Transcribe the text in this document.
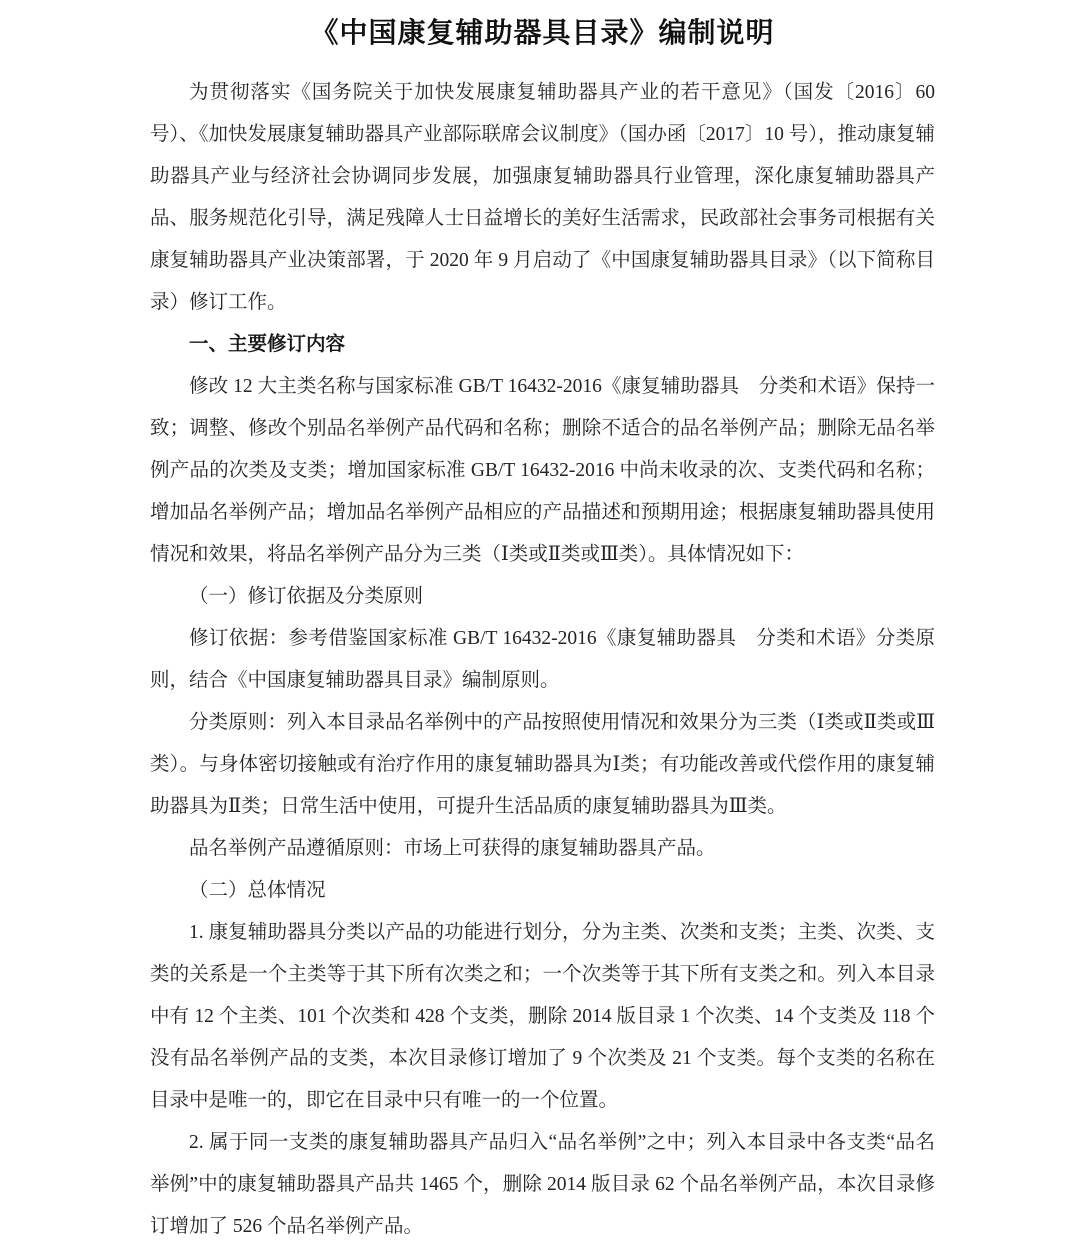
《中国康复辅助器具目录》编制说明

为贯彻落实《国务院关于加快发展康复辅助器具产业的若干意见》（国发〔2016〕60 号）、《加快发展康复辅助器具产业部际联席会议制度》（国办函〔2017〕10 号），推动康复辅助器具产业与经济社会协调同步发展，加强康复辅助器具行业管理，深化康复辅助器具产品、服务规范化引导，满足残障人士日益增长的美好生活需求，民政部社会事务司根据有关康复辅助器具产业决策部署，于 2020 年 9 月启动了《中国康复辅助器具目录》（以下简称目录）修订工作。

一、主要修订内容

修改 12 大主类名称与国家标准 GB/T 16432-2016《康复辅助器具　分类和术语》保持一致；调整、修改个别品名举例产品代码和名称；删除不适合的品名举例产品；删除无品名举例产品的次类及支类；增加国家标准 GB/T 16432-2016 中尚未收录的次、支类代码和名称；增加品名举例产品；增加品名举例产品相应的产品描述和预期用途；根据康复辅助器具使用情况和效果，将品名举例产品分为三类（Ⅰ类或Ⅱ类或Ⅲ类）。具体情况如下：

（一）修订依据及分类原则

修订依据：参考借鉴国家标准 GB/T 16432-2016《康复辅助器具　分类和术语》分类原则，结合《中国康复辅助器具目录》编制原则。

分类原则：列入本目录品名举例中的产品按照使用情况和效果分为三类（Ⅰ类或Ⅱ类或Ⅲ类）。与身体密切接触或有治疗作用的康复辅助器具为Ⅰ类；有功能改善或代偿作用的康复辅助器具为Ⅱ类；日常生活中使用，可提升生活品质的康复辅助器具为Ⅲ类。

品名举例产品遵循原则：市场上可获得的康复辅助器具产品。

（二）总体情况

1. 康复辅助器具分类以产品的功能进行划分，分为主类、次类和支类；主类、次类、支类的关系是一个主类等于其下所有次类之和；一个次类等于其下所有支类之和。列入本目录中有 12 个主类、101 个次类和 428 个支类，删除 2014 版目录 1 个次类、14 个支类及 118 个没有品名举例产品的支类，本次目录修订增加了 9 个次类及 21 个支类。每个支类的名称在目录中是唯一的，即它在目录中只有唯一的一个位置。

2. 属于同一支类的康复辅助器具产品归入“品名举例”之中；列入本目录中各支类“品名举例”中的康复辅助器具产品共 1465 个，删除 2014 版目录 62 个品名举例产品，本次目录修订增加了 526 个品名举例产品。
